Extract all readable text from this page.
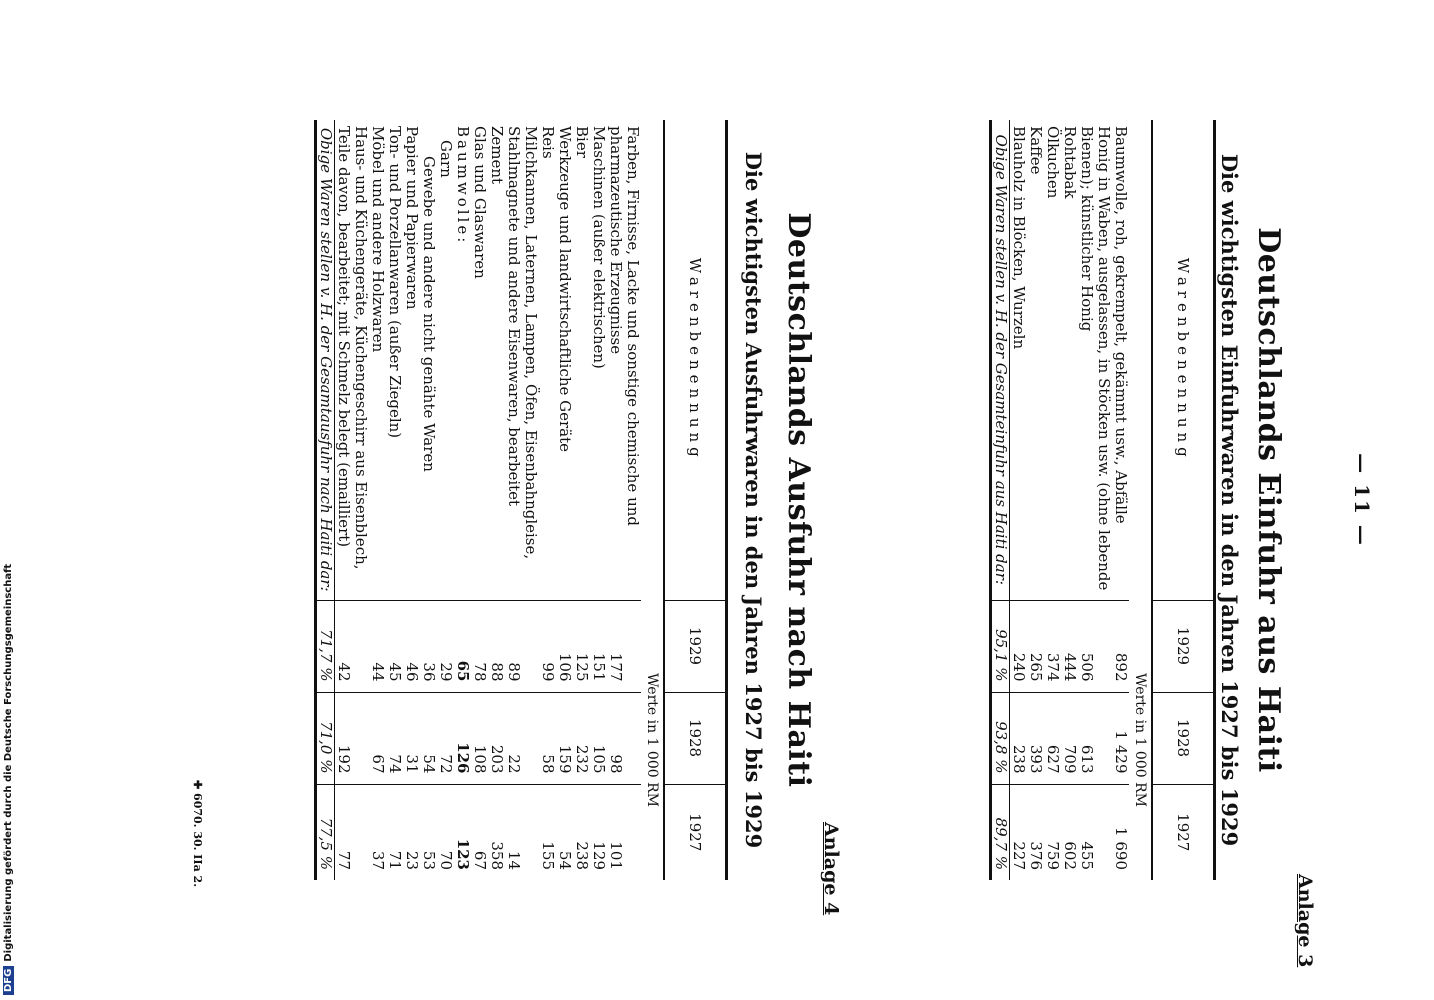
— 11 —
Anlage 3
Deutschlands Einfuhr aus Haiti
Die wichtigsten Einfuhrwaren in den Jahren 1927 bis 1929
Warenbenennung	1929	1928	1927
	Werte in 1 000 RM		
Baumwolle, roh, gekrempelt, gekämmt usw., Abfälle	892	1 429	1 690
Honig in Waben, ausgelassen, in Stöcken usw. (ohne lebende Bienen); künstlicher Honig	506	613	455
Rohtabak	444	709	602
Ölkuchen	374	627	759
Kaffee	265	393	376
Blauholz in Blöcken, Wurzeln	240	238	227
Obige Waren stellen v. H. der Gesamteinfuhr aus Haiti dar:	95,1 %	93,8 %	89,7 %
Anlage 4
Deutschlands Ausfuhr nach Haiti
Die wichtigsten Ausfuhrwaren in den Jahren 1927 bis 1929
Warenbenennung	1929	1928	1927
	Werte in 1 000 RM		
Farben, Firnisse, Lacke und sonstige chemische und pharmazeutische Erzeugnisse	177	98	101
Maschinen (außer elektrischen)	151	105	129
Bier	125	232	238
Werkzeuge und landwirtschaftliche Geräte	106	159	54
Reis	99	58	155
Milchkannen, Laternen, Lampen, Öfen, Eisenbahngleise, Stahlmagnete und andere Eisenwaren, bearbeitet	89	22	14
Zement	88	203	358
Glas und Glaswaren	78	108	67
Baumwolle:	65	126	123
Garn	29	72	70
Gewebe und andere nicht genähte Waren	36	54	53
Papier und Papierwaren	46	31	23
Ton- und Porzellanwaren (außer Ziegeln)	45	74	71
Möbel und andere Holzwaren	44	67	37
Haus- und Küchengeräte, Küchengeschirr aus Eisenblech, Teile davon, bearbeitet; mit Schmelz belegt (emailliert)	42	192	77
Obige Waren stellen v. H. der Gesamtausfuhr nach Haiti dar:	71,7 %	71,0 %	77,5 %
✚ 6070. 30. IIa 2.
DFGDigitalisierung gefördert durch die Deutsche Forschungsgemeinschaft
